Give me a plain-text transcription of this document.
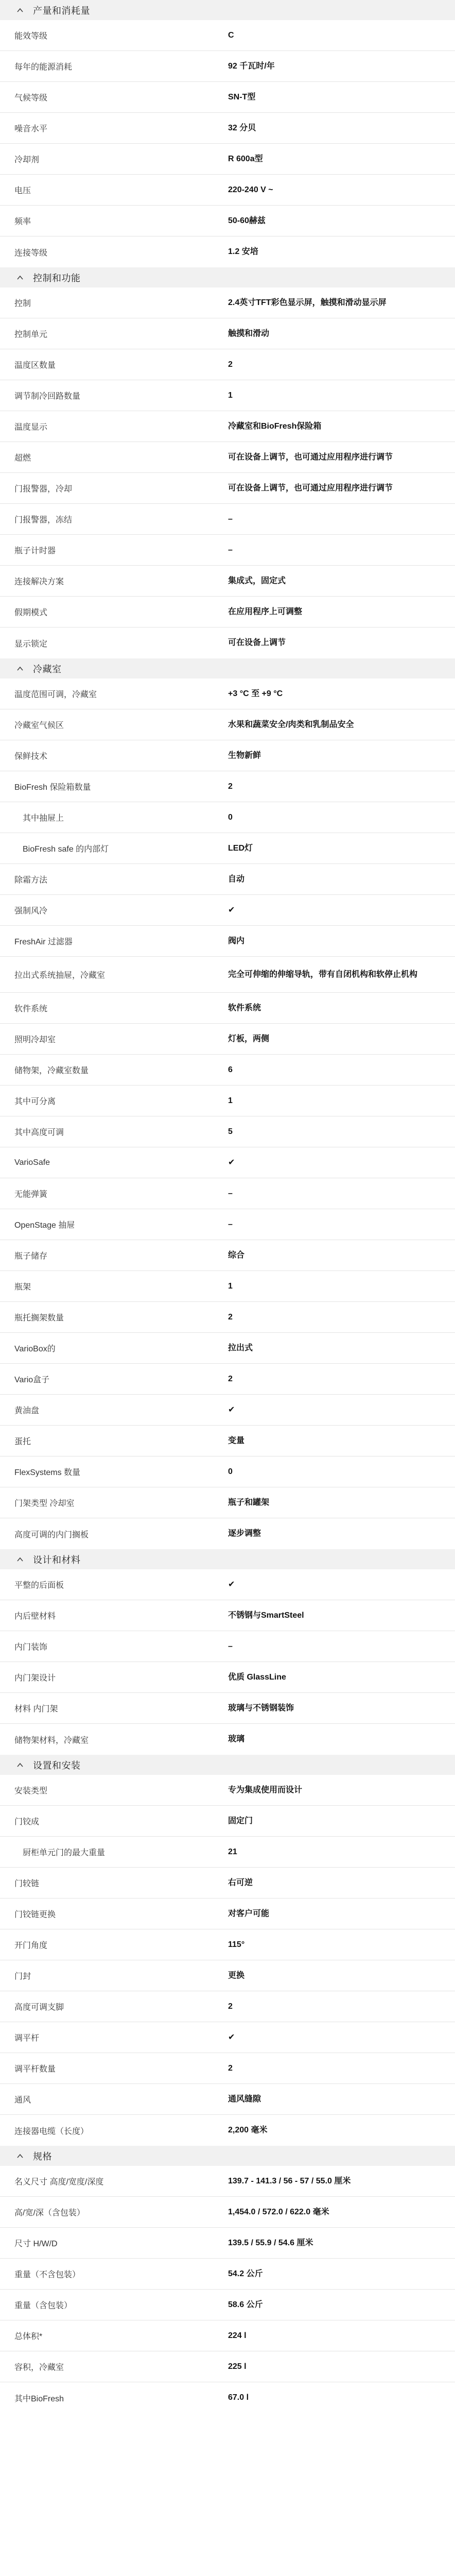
产量和消耗量
能效等级	C
每年的能源消耗	92 千瓦时/年
气候等级	SN-T型
噪音水平	32 分贝
冷却剂	R 600a型
电压	220-240 V ~
频率	50-60赫兹
连接等级	1.2 安培
控制和功能
控制	2.4英寸TFT彩色显示屏，触摸和滑动显示屏
控制单元	触摸和滑动
温度区数量	2
调节制冷回路数量	1
温度显示	冷藏室和BioFresh保险箱
超燃	可在设备上调节，也可通过应用程序进行调节
门报警器，冷却	可在设备上调节，也可通过应用程序进行调节
门报警器，冻结	–
瓶子计时器	–
连接解决方案	集成式，固定式
假期模式	在应用程序上可调整
显示锁定	可在设备上调节
冷藏室
温度范围可调，冷藏室	+3 °C 至 +9 °C
冷藏室气候区	水果和蔬菜安全/肉类和乳制品安全
保鲜技术	生物新鲜
BioFresh 保险箱数量	2
其中抽屉上	0
BioFresh safe 的内部灯	LED灯
除霜方法	自动
强制风冷	✔
FreshAir 过滤器	阀内
拉出式系统抽屉，冷藏室	完全可伸缩的伸缩导轨，带有自闭机构和软停止机构
软件系统	软件系统
照明冷却室	灯板，两侧
储物架，冷藏室数量	6
其中可分离	1
其中高度可调	5
VarioSafe	✔
无能弹簧	–
OpenStage 抽屉	–
瓶子储存	综合
瓶架	1
瓶托搁架数量	2
VarioBox的	拉出式
Vario盒子	2
黄油盘	✔
蛋托	变量
FlexSystems 数量	0
门架类型 冷却室	瓶子和罐架
高度可调的内门搁板	逐步调整
设计和材料
平整的后面板	✔
内后壁材料	不锈钢与SmartSteel
内门装饰	–
内门架设计	优质 GlassLine
材料 内门架	玻璃与不锈钢装饰
储物架材料，冷藏室	玻璃
设置和安装
安装类型	专为集成使用而设计
门铰成	固定门
厨柜单元门的最大重量	21
门较链	右可逆
门铰链更换	对客户可能
开门角度	115°
门封	更换
高度可调支脚	2
调平杆	✔
调平杆数量	2
通风	通风缝隙
连接器电缆（长度）	2,200 毫米
规格
名义尺寸 高度/宽度/深度	139.7 - 141.3 / 56 - 57 / 55.0 厘米
高/宽/深（含包装）	1,454.0 / 572.0 / 622.0 毫米
尺寸 H/W/D	139.5 / 55.9 / 54.6 厘米
重量（不含包装）	54.2 公斤
重量（含包装）	58.6 公斤
总体积*	224 l
容积，冷藏室	225 l
其中BioFresh	67.0 l
